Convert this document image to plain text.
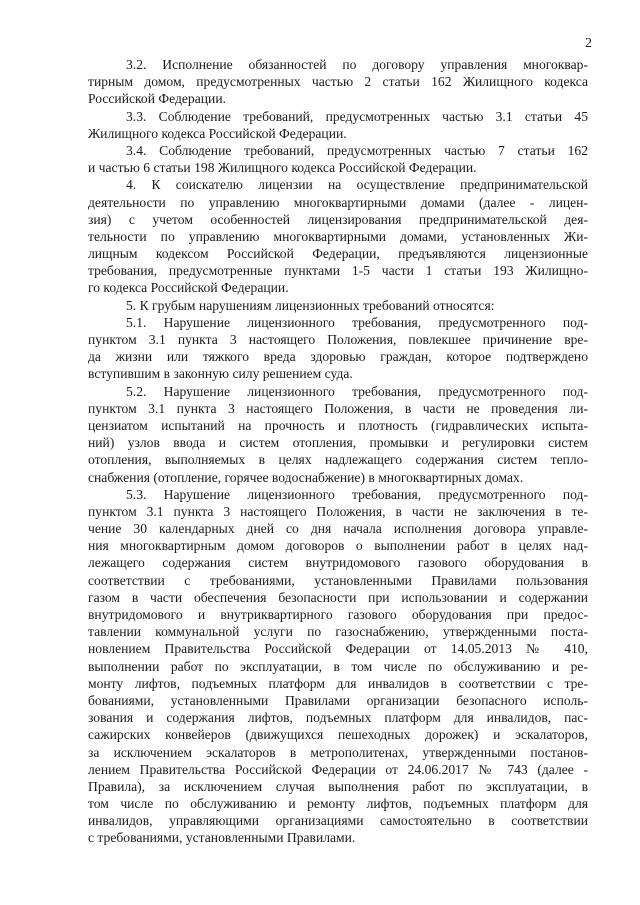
2
3.2. Исполнение обязанностей по договору управления многоквар-
тирным домом, предусмотренных частью 2 статьи 162 Жилищного кодекса
Российской Федерации.
3.3. Соблюдение требований, предусмотренных частью 3.1 статьи 45
Жилищного кодекса Российской Федерации.
3.4. Соблюдение требований, предусмотренных частью 7 статьи 162
и частью 6 статьи 198 Жилищного кодекса Российской Федерации.
4. К соискателю лицензии на осуществление предпринимательской
деятельности по управлению многоквартирными домами (далее - лицен-
зия) с учетом особенностей лицензирования предпринимательской дея-
тельности по управлению многоквартирными домами, установленных Жи-
лищным кодексом Российской Федерации, предъявляются лицензионные
требования, предусмотренные пунктами 1-5 части 1 статьи 193 Жилищно-
го кодекса Российской Федерации.
5. К грубым нарушениям лицензионных требований относятся:
5.1. Нарушение лицензионного требования, предусмотренного под-
пунктом 3.1 пункта 3 настоящего Положения, повлекшее причинение вре-
да жизни или тяжкого вреда здоровью граждан, которое подтверждено
вступившим в законную силу решением суда.
5.2. Нарушение лицензионного требования, предусмотренного под-
пунктом 3.1 пункта 3 настоящего Положения, в части не проведения ли-
цензиатом испытаний на прочность и плотность (гидравлических испыта-
ний) узлов ввода и систем отопления, промывки и регулировки систем
отопления, выполняемых в целях надлежащего содержания систем тепло-
снабжения (отопление, горячее водоснабжение) в многоквартирных домах.
5.3. Нарушение лицензионного требования, предусмотренного под-
пунктом 3.1 пункта 3 настоящего Положения, в части не заключения в те-
чение 30 календарных дней со дня начала исполнения договора управле-
ния многоквартирным домом договоров о выполнении работ в целях над-
лежащего содержания систем внутридомового газового оборудования в
соответствии с требованиями, установленными Правилами пользования
газом в части обеспечения безопасности при использовании и содержании
внутридомового и внутриквартирного газового оборудования при предос-
тавлении коммунальной услуги по газоснабжению, утвержденными поста-
новлением Правительства Российской Федерации от 14.05.2013 № 410,
выполнении работ по эксплуатации, в том числе по обслуживанию и ре-
монту лифтов, подъемных платформ для инвалидов в соответствии с тре-
бованиями, установленными Правилами организации безопасного исполь-
зования и содержания лифтов, подъемных платформ для инвалидов, пас-
сажирских конвейеров (движущихся пешеходных дорожек) и эскалаторов,
за исключением эскалаторов в метрополитенах, утвержденными постанов-
лением Правительства Российской Федерации от 24.06.2017 № 743 (далее -
Правила), за исключением случая выполнения работ по эксплуатации, в
том числе по обслуживанию и ремонту лифтов, подъемных платформ для
инвалидов, управляющими организациями самостоятельно в соответствии
с требованиями, установленными Правилами.
